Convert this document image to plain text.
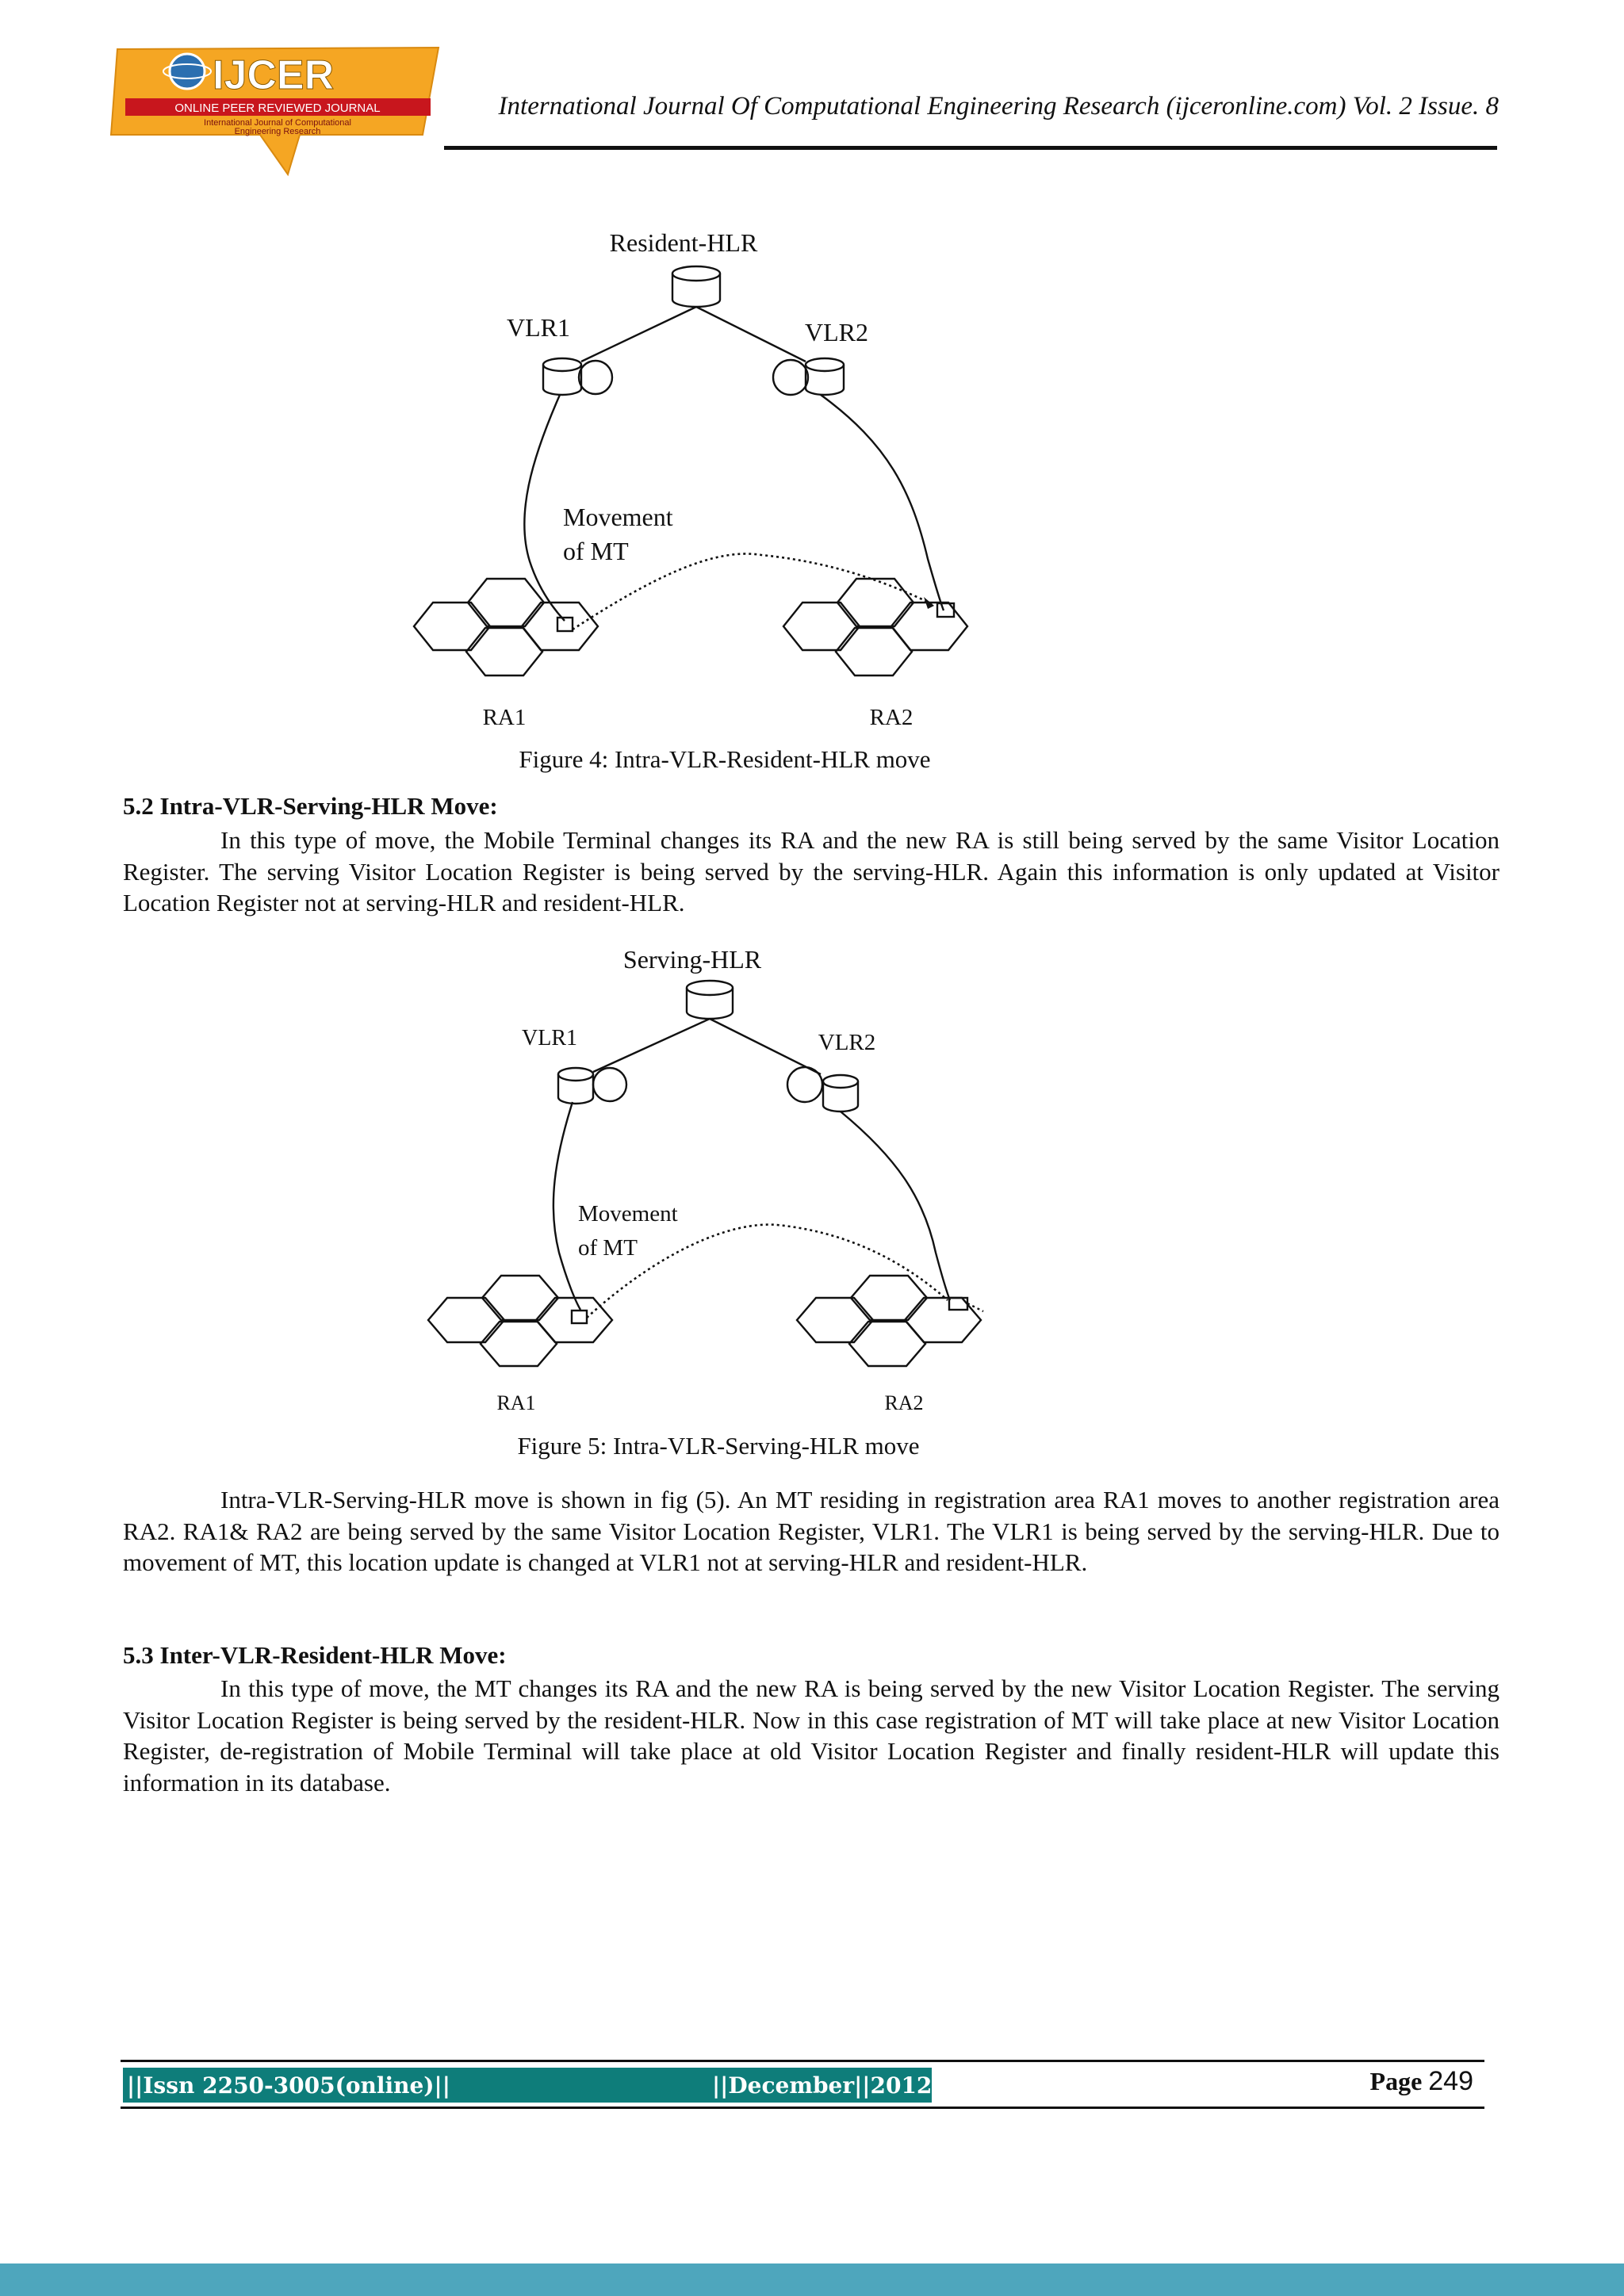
IJCER
ONLINE PEER REVIEWED JOURNAL
International Journal of Computational
Engineering Research
International Journal Of Computational Engineering Research (ijceronline.com) Vol. 2 Issue. 8
Resident-HLR
VLR1	VLR2
Movement
of MT
RA1	RA2
Figure 4: Intra-VLR-Resident-HLR move
5.2 Intra-VLR-Serving-HLR Move:

In this type of move, the Mobile Terminal changes its RA and the new RA is still being served by the same Visitor Location Register. The serving Visitor Location Register is being served by the serving-HLR. Again this information is only updated at Visitor Location Register not at serving-HLR and resident-HLR.

Serving-HLR
VLR1	VLR2
Movement
of MT
RA1	RA2
Figure 5: Intra-VLR-Serving-HLR move

Intra-VLR-Serving-HLR move is shown in fig (5). An MT residing in registration area RA1 moves to another registration area RA2. RA1& RA2 are being served by the same Visitor Location Register, VLR1. The VLR1 is being served by the serving-HLR. Due to movement of MT, this location update is changed at VLR1 not at serving-HLR and resident-HLR.

5.3 Inter-VLR-Resident-HLR Move:

In this type of move, the MT changes its RA and the new RA is being served by the new Visitor Location Register. The serving Visitor Location Register is being served by the resident-HLR. Now in this case registration of MT will take place at new Visitor Location Register, de-registration of Mobile Terminal will take place at old Visitor Location Register and finally resident-HLR will update this information in its database.

||Issn 2250-3005(online)||	||December||2012||	Page 249
